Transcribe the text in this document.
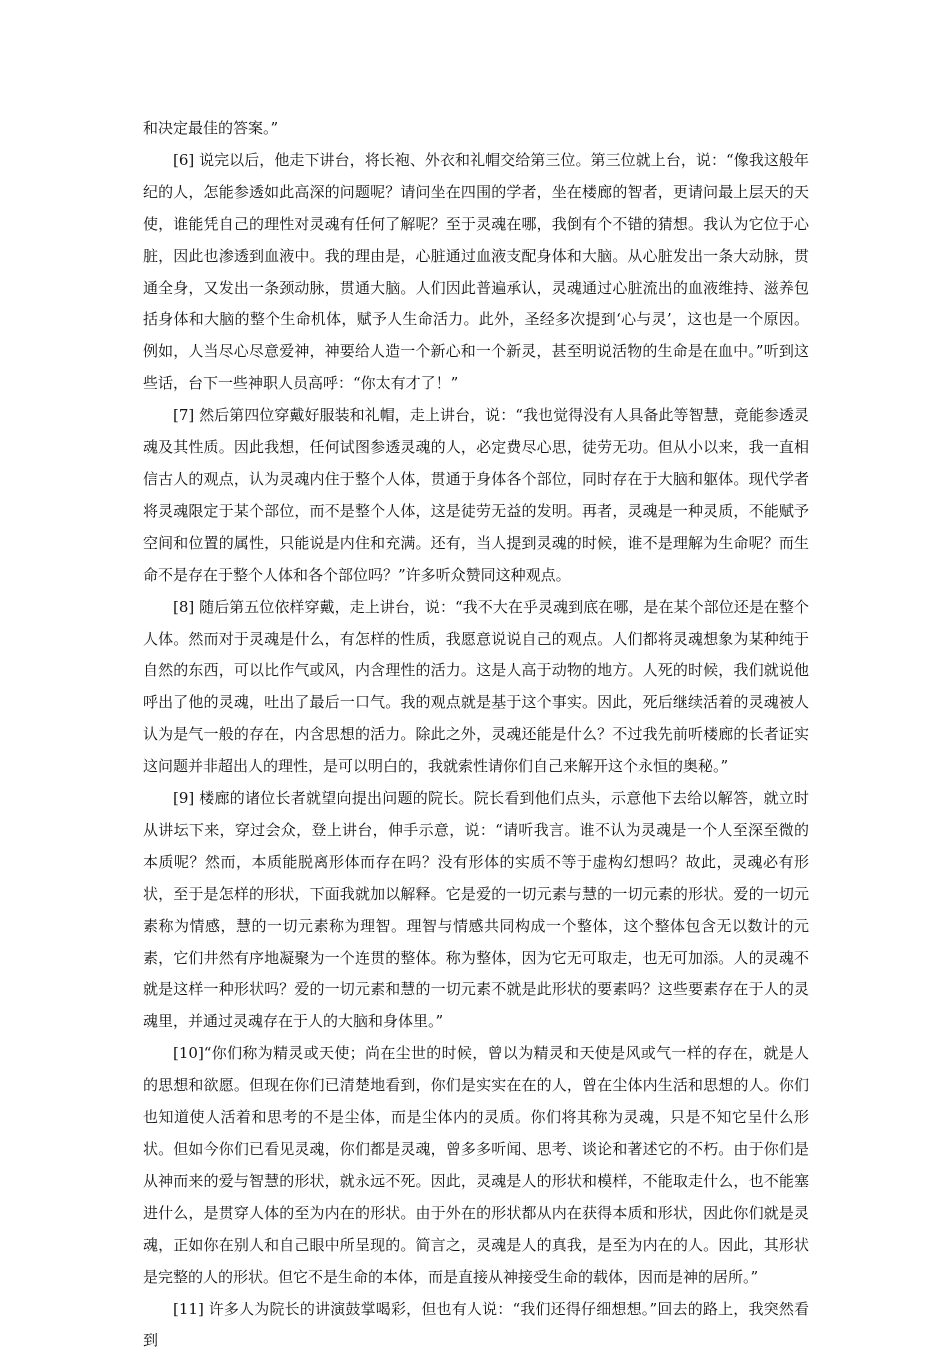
和决定最佳的答案。”

[6] 说完以后，他走下讲台，将长袍、外衣和礼帽交给第三位。第三位就上台，说：“像我这般年纪的人，怎能参透如此高深的问题呢？请问坐在四围的学者，坐在楼廊的智者，更请问最上层天的天使，谁能凭自己的理性对灵魂有任何了解呢？至于灵魂在哪，我倒有个不错的猜想。我认为它位于心脏，因此也渗透到血液中。我的理由是，心脏通过血液支配身体和大脑。从心脏发出一条大动脉，贯通全身，又发出一条颈动脉，贯通大脑。人们因此普遍承认，灵魂通过心脏流出的血液维持、滋养包括身体和大脑的整个生命机体，赋予人生命活力。此外，圣经多次提到‘心与灵’，这也是一个原因。例如，人当尽心尽意爱神，神要给人造一个新心和一个新灵，甚至明说活物的生命是在血中。”听到这些话，台下一些神职人员高呼：“你太有才了！”

[7] 然后第四位穿戴好服装和礼帽，走上讲台，说：“我也觉得没有人具备此等智慧，竟能参透灵魂及其性质。因此我想，任何试图参透灵魂的人，必定费尽心思，徒劳无功。但从小以来，我一直相信古人的观点，认为灵魂内住于整个人体，贯通于身体各个部位，同时存在于大脑和躯体。现代学者将灵魂限定于某个部位，而不是整个人体，这是徒劳无益的发明。再者，灵魂是一种灵质，不能赋予空间和位置的属性，只能说是内住和充满。还有，当人提到灵魂的时候，谁不是理解为生命呢？而生命不是存在于整个人体和各个部位吗？”许多听众赞同这种观点。

[8] 随后第五位依样穿戴，走上讲台，说：“我不大在乎灵魂到底在哪，是在某个部位还是在整个人体。然而对于灵魂是什么，有怎样的性质，我愿意说说自己的观点。人们都将灵魂想象为某种纯于自然的东西，可以比作气或风，内含理性的活力。这是人高于动物的地方。人死的时候，我们就说他呼出了他的灵魂，吐出了最后一口气。我的观点就是基于这个事实。因此，死后继续活着的灵魂被人认为是气一般的存在，内含思想的活力。除此之外，灵魂还能是什么？不过我先前听楼廊的长者证实这问题并非超出人的理性，是可以明白的，我就索性请你们自己来解开这个永恒的奥秘。”

[9] 楼廊的诸位长者就望向提出问题的院长。院长看到他们点头，示意他下去给以解答，就立时从讲坛下来，穿过会众，登上讲台，伸手示意，说：“请听我言。谁不认为灵魂是一个人至深至微的本质呢？然而，本质能脱离形体而存在吗？没有形体的实质不等于虚构幻想吗？故此，灵魂必有形状，至于是怎样的形状，下面我就加以解释。它是爱的一切元素与慧的一切元素的形状。爱的一切元素称为情感，慧的一切元素称为理智。理智与情感共同构成一个整体，这个整体包含无以数计的元素，它们井然有序地凝聚为一个连贯的整体。称为整体，因为它无可取走，也无可加添。人的灵魂不就是这样一种形状吗？爱的一切元素和慧的一切元素不就是此形状的要素吗？这些要素存在于人的灵魂里，并通过灵魂存在于人的大脑和身体里。”

[10]“你们称为精灵或天使；尚在尘世的时候，曾以为精灵和天使是风或气一样的存在，就是人的思想和欲愿。但现在你们已清楚地看到，你们是实实在在的人，曾在尘体内生活和思想的人。你们也知道使人活着和思考的不是尘体，而是尘体内的灵质。你们将其称为灵魂，只是不知它呈什么形状。但如今你们已看见灵魂，你们都是灵魂，曾多多听闻、思考、谈论和著述它的不朽。由于你们是从神而来的爱与智慧的形状，就永远不死。因此，灵魂是人的形状和模样，不能取走什么，也不能塞进什么，是贯穿人体的至为内在的形状。由于外在的形状都从内在获得本质和形状，因此你们就是灵魂，正如你在别人和自己眼中所呈现的。简言之，灵魂是人的真我，是至为内在的人。因此，其形状是完整的人的形状。但它不是生命的本体，而是直接从神接受生命的载体，因而是神的居所。”

[11] 许多人为院长的讲演鼓掌喝彩，但也有人说：“我们还得仔细想想。”回去的路上，我突然看到
